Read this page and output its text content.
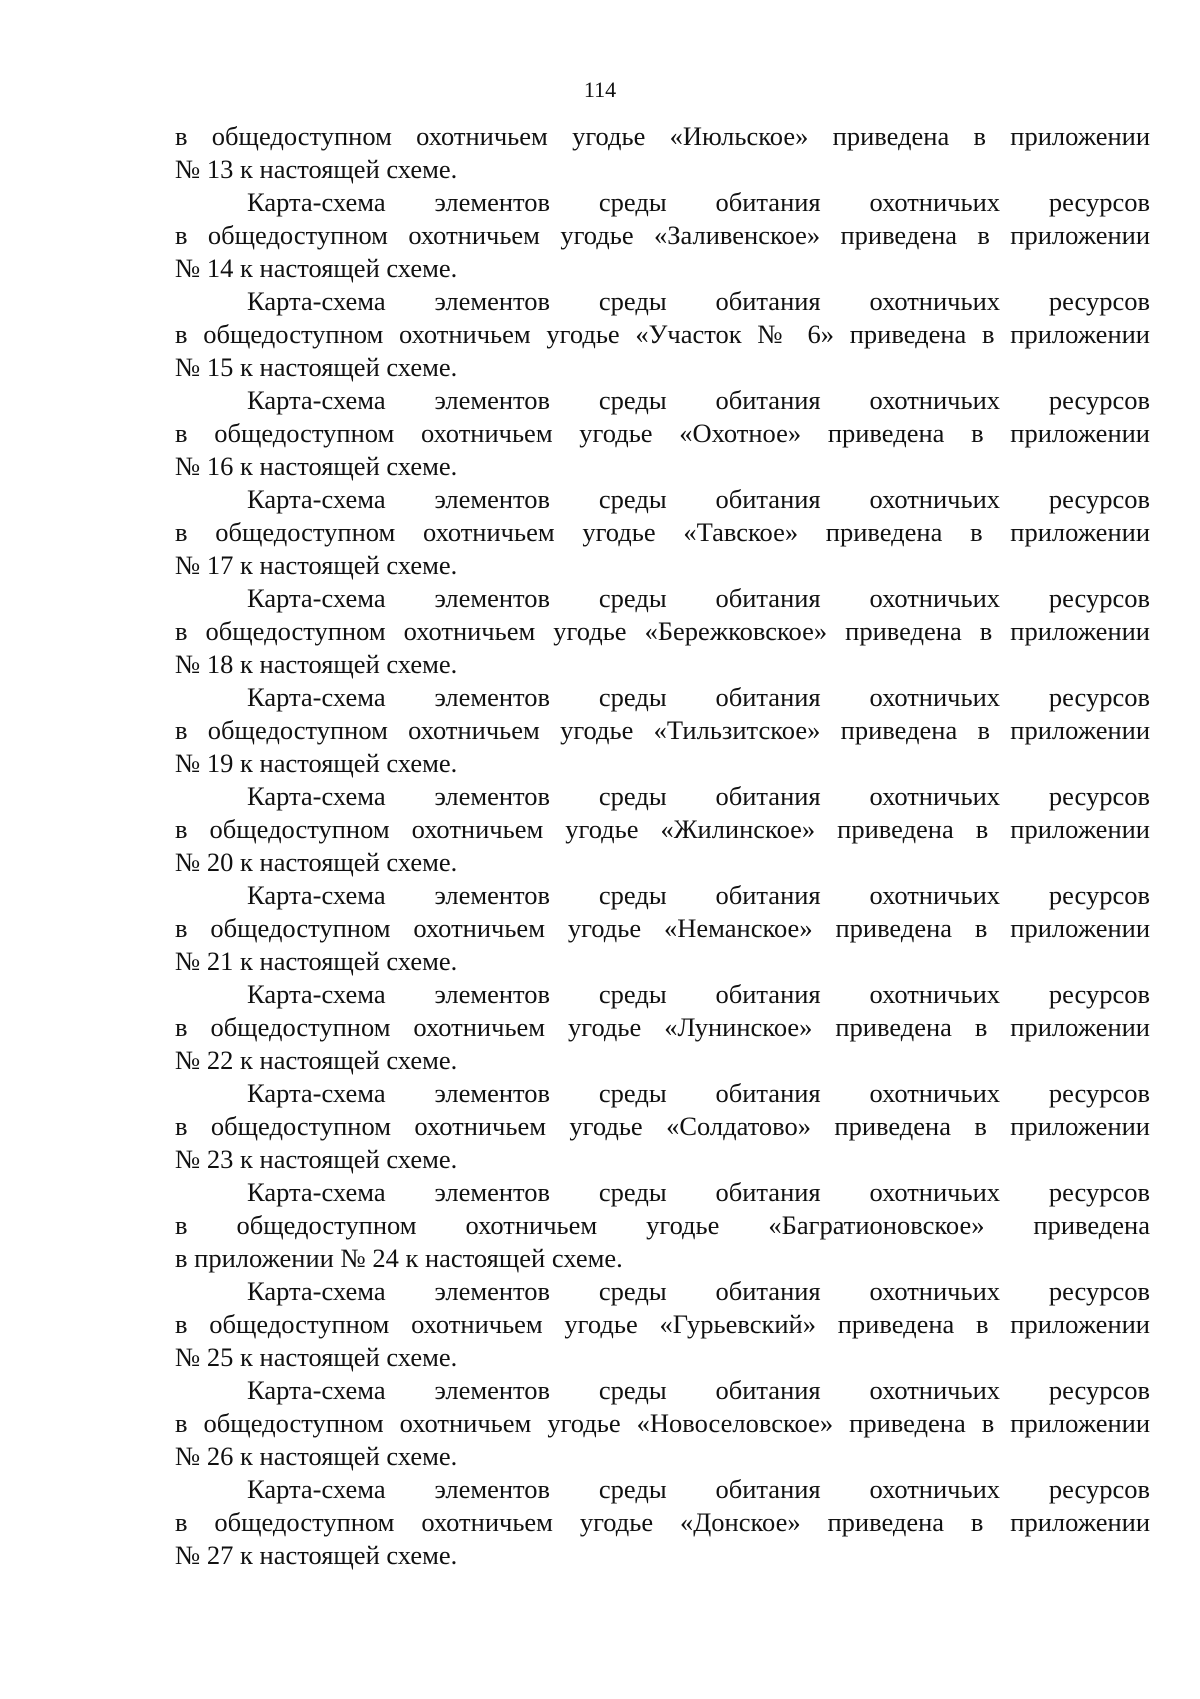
114
в общедоступном охотничьем угодье «Июльское» приведена в приложении
№ 13 к настоящей схеме.
Карта-схема элементов среды обитания охотничьих ресурсов
в общедоступном охотничьем угодье «Заливенское» приведена в приложении
№ 14 к настоящей схеме.
Карта-схема элементов среды обитания охотничьих ресурсов
в общедоступном охотничьем угодье «Участок № 6» приведена в приложении
№ 15 к настоящей схеме.
Карта-схема элементов среды обитания охотничьих ресурсов
в общедоступном охотничьем угодье «Охотное» приведена в приложении
№ 16 к настоящей схеме.
Карта-схема элементов среды обитания охотничьих ресурсов
в общедоступном охотничьем угодье «Тавское» приведена в приложении
№ 17 к настоящей схеме.
Карта-схема элементов среды обитания охотничьих ресурсов
в общедоступном охотничьем угодье «Бережковское» приведена в приложении
№ 18 к настоящей схеме.
Карта-схема элементов среды обитания охотничьих ресурсов
в общедоступном охотничьем угодье «Тильзитское» приведена в приложении
№ 19 к настоящей схеме.
Карта-схема элементов среды обитания охотничьих ресурсов
в общедоступном охотничьем угодье «Жилинское» приведена в приложении
№ 20 к настоящей схеме.
Карта-схема элементов среды обитания охотничьих ресурсов
в общедоступном охотничьем угодье «Неманское» приведена в приложении
№ 21 к настоящей схеме.
Карта-схема элементов среды обитания охотничьих ресурсов
в общедоступном охотничьем угодье «Лунинское» приведена в приложении
№ 22 к настоящей схеме.
Карта-схема элементов среды обитания охотничьих ресурсов
в общедоступном охотничьем угодье «Солдатово» приведена в приложении
№ 23 к настоящей схеме.
Карта-схема элементов среды обитания охотничьих ресурсов
в общедоступном охотничьем угодье «Багратионовское» приведена
в приложении № 24 к настоящей схеме.
Карта-схема элементов среды обитания охотничьих ресурсов
в общедоступном охотничьем угодье «Гурьевский» приведена в приложении
№ 25 к настоящей схеме.
Карта-схема элементов среды обитания охотничьих ресурсов
в общедоступном охотничьем угодье «Новоселовское» приведена в приложении
№ 26 к настоящей схеме.
Карта-схема элементов среды обитания охотничьих ресурсов
в общедоступном охотничьем угодье «Донское» приведена в приложении
№ 27 к настоящей схеме.
